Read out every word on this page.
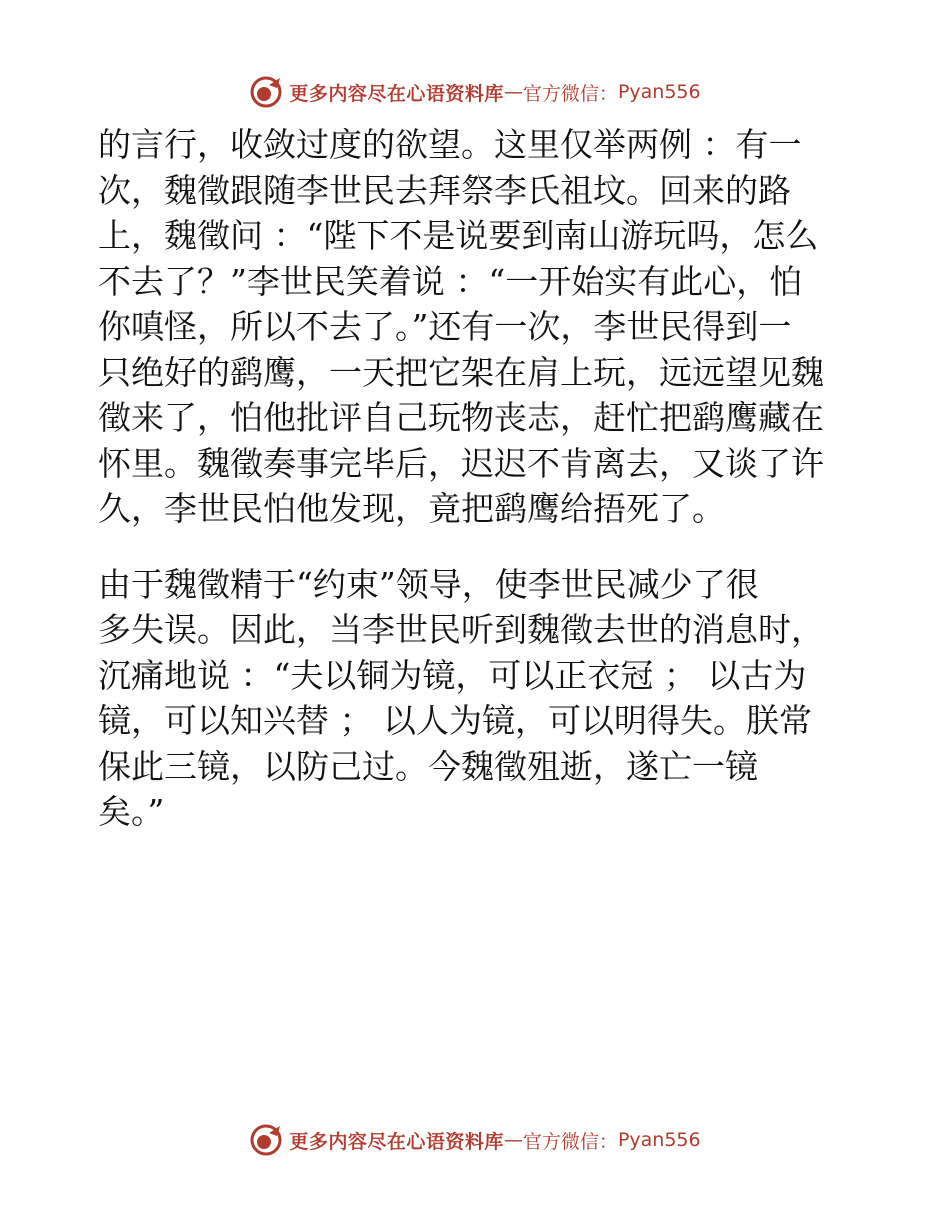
更多内容尽在心语资料库 — 官方微信： Pyan556
的言行，收敛过度的欲望。这里仅举两例 ：有一
次，魏徵跟随李世民去拜祭李氏祖坟。回来的路
上，魏徵问 ：“陛下不是说要到南山游玩吗，怎么
不去了？”李世民笑着说 ：“一开始实有此心，怕
你嗔怪，所以不去了。”还有一次，李世民得到一
只绝好的鹞鹰，一天把它架在肩上玩，远远望见魏
徵来了，怕他批评自己玩物丧志，赶忙把鹞鹰藏在
怀里。魏徵奏事完毕后，迟迟不肯离去，又谈了许
久，李世民怕他发现，竟把鹞鹰给捂死了。
由于魏徵精于“约束”领导，使李世民减少了很
多失误。因此，当李世民听到魏徵去世的消息时，
沉痛地说 ：“夫以铜为镜，可以正衣冠 ； 以古为
镜，可以知兴替 ； 以人为镜，可以明得失。朕常
保此三镜，以防己过。今魏徵殂逝，遂亡一镜
矣。”
更多内容尽在心语资料库 — 官方微信： Pyan556
